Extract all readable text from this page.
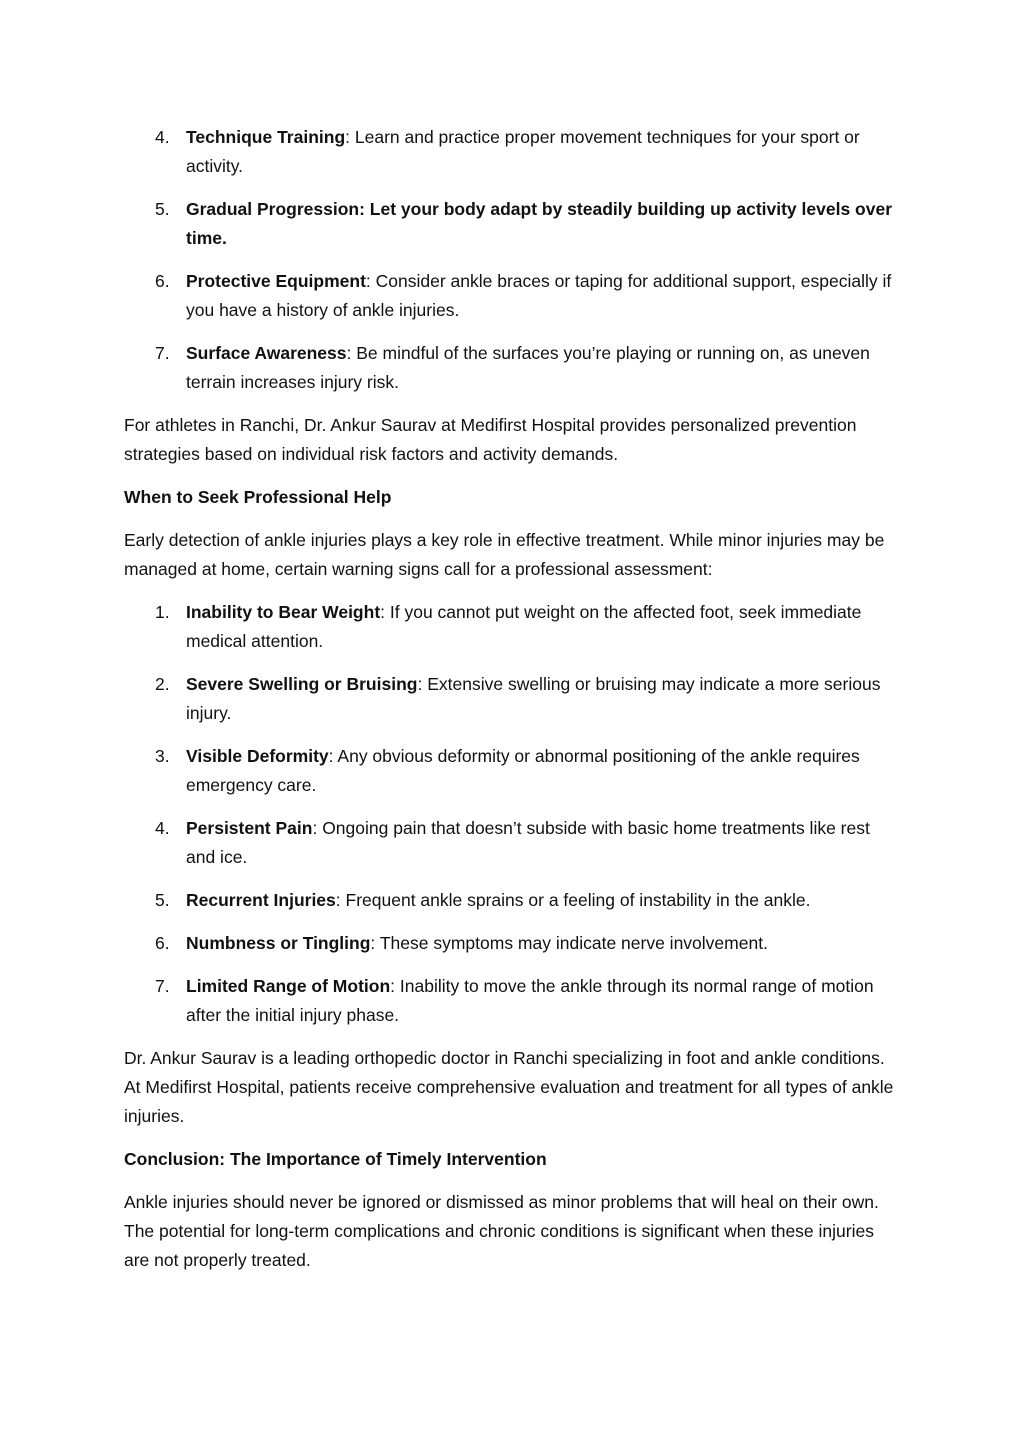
4. Technique Training: Learn and practice proper movement techniques for your sport or activity.
5. Gradual Progression: Let your body adapt by steadily building up activity levels over time.
6. Protective Equipment: Consider ankle braces or taping for additional support, especially if you have a history of ankle injuries.
7. Surface Awareness: Be mindful of the surfaces you’re playing or running on, as uneven terrain increases injury risk.

For athletes in Ranchi, Dr. Ankur Saurav at Medifirst Hospital provides personalized prevention strategies based on individual risk factors and activity demands.

When to Seek Professional Help

Early detection of ankle injuries plays a key role in effective treatment. While minor injuries may be managed at home, certain warning signs call for a professional assessment:

1. Inability to Bear Weight: If you cannot put weight on the affected foot, seek immediate medical attention.
2. Severe Swelling or Bruising: Extensive swelling or bruising may indicate a more serious injury.
3. Visible Deformity: Any obvious deformity or abnormal positioning of the ankle requires emergency care.
4. Persistent Pain: Ongoing pain that doesn’t subside with basic home treatments like rest and ice.
5. Recurrent Injuries: Frequent ankle sprains or a feeling of instability in the ankle.
6. Numbness or Tingling: These symptoms may indicate nerve involvement.
7. Limited Range of Motion: Inability to move the ankle through its normal range of motion after the initial injury phase.

Dr. Ankur Saurav is a leading orthopedic doctor in Ranchi specializing in foot and ankle conditions. At Medifirst Hospital, patients receive comprehensive evaluation and treatment for all types of ankle injuries.

Conclusion: The Importance of Timely Intervention

Ankle injuries should never be ignored or dismissed as minor problems that will heal on their own. The potential for long-term complications and chronic conditions is significant when these injuries are not properly treated.
